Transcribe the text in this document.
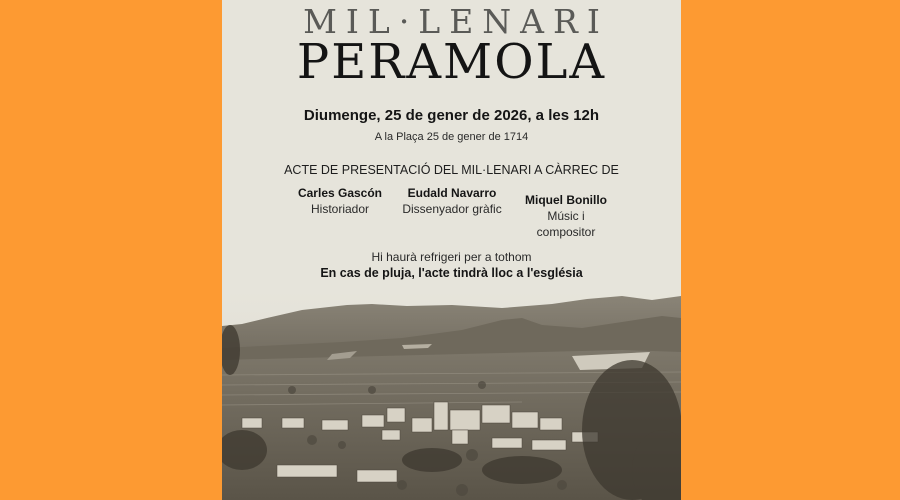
MIL·LENARI
PERAMOLA
Diumenge, 25 de gener de 2026, a les 12h
A la Plaça 25 de gener de 1714
ACTE DE PRESENTACIÓ DEL MIL·LENARI A CÀRREC DE
Carles Gascón
Historiador
Eudald Navarro
Dissenyador gràfic
Miquel Bonillo
Músic i
compositor
Hi haurà refrigeri per a tothom
En cas de pluja, l'acte tindrà lloc a l'església
